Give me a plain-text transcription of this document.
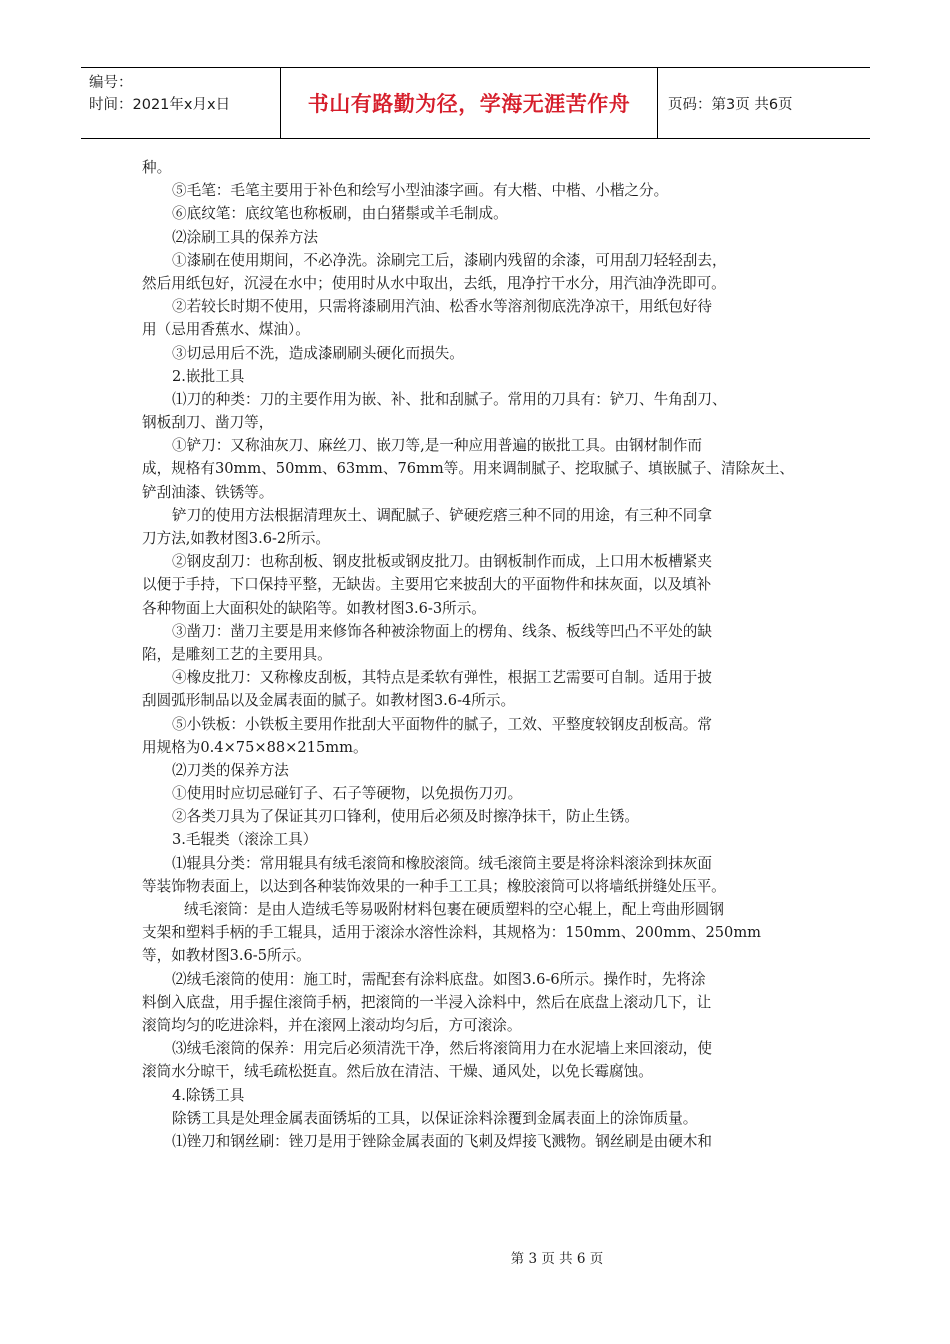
编号：
时间：2021年x月x日	书山有路勤为径，学海无涯苦作舟	页码：第3页 共6页
种。
⑤毛笔：毛笔主要用于补色和绘写小型油漆字画。有大楷、中楷、小楷之分。
⑥底纹笔：底纹笔也称板刷，由白猪鬃或羊毛制成。
⑵涂刷工具的保养方法
①漆刷在使用期间，不必净洗。涂刷完工后，漆刷内残留的余漆，可用刮刀轻轻刮去，
然后用纸包好，沉浸在水中；使用时从水中取出，去纸，甩净拧干水分，用汽油净洗即可。
②若较长时期不使用，只需将漆刷用汽油、松香水等溶剂彻底洗净凉干，用纸包好待
用（忌用香蕉水、煤油）。
③切忌用后不洗，造成漆刷刷头硬化而损失。
2.嵌批工具
⑴刀的种类：刀的主要作用为嵌、补、批和刮腻子。常用的刀具有：铲刀、牛角刮刀、
钢板刮刀、凿刀等，
①铲刀：又称油灰刀、麻丝刀、嵌刀等,是一种应用普遍的嵌批工具。由钢材制作而
成，规格有30mm、50mm、63mm、76mm等。用来调制腻子、挖取腻子、填嵌腻子、清除灰土、
铲刮油漆、铁锈等。
铲刀的使用方法根据清理灰土、调配腻子、铲硬疙瘩三种不同的用途，有三种不同拿
刀方法,如教材图3.6-2所示。
②钢皮刮刀：也称刮板、钢皮批板或钢皮批刀。由钢板制作而成，上口用木板槽紧夹
以便于手持，下口保持平整，无缺齿。主要用它来披刮大的平面物件和抹灰面，以及填补
各种物面上大面积处的缺陷等。如教材图3.6-3所示。
③凿刀：凿刀主要是用来修饰各种被涂物面上的楞角、线条、板线等凹凸不平处的缺
陷，是雕刻工艺的主要用具。
④橡皮批刀：又称橡皮刮板，其特点是柔软有弹性，根据工艺需要可自制。适用于披
刮圆弧形制品以及金属表面的腻子。如教材图3.6-4所示。
⑤小铁板：小铁板主要用作批刮大平面物件的腻子，工效、平整度较钢皮刮板高。常
用规格为0.4×75×88×215mm。
⑵刀类的保养方法
①使用时应切忌碰钉子、石子等硬物，以免损伤刀刃。
②各类刀具为了保证其刃口锋利，使用后必须及时擦净抹干，防止生锈。
3.毛辊类（滚涂工具）
⑴辊具分类：常用辊具有绒毛滚筒和橡胶滚筒。绒毛滚筒主要是将涂料滚涂到抹灰面
等装饰物表面上，以达到各种装饰效果的一种手工工具；橡胶滚筒可以将墙纸拼缝处压平。
绒毛滚筒：是由人造绒毛等易吸附材料包裹在硬质塑料的空心辊上，配上弯曲形圆钢
支架和塑料手柄的手工辊具，适用于滚涂水溶性涂料，其规格为：150mm、200mm、250mm
等，如教材图3.6-5所示。
⑵绒毛滚筒的使用：施工时，需配套有涂料底盘。如图3.6-6所示。操作时，先将涂
料倒入底盘，用手握住滚筒手柄，把滚筒的一半浸入涂料中，然后在底盘上滚动几下，让
滚筒均匀的吃进涂料，并在滚网上滚动均匀后，方可滚涂。
⑶绒毛滚筒的保养：用完后必须清洗干净，然后将滚筒用力在水泥墙上来回滚动，使
滚筒水分晾干，绒毛疏松挺直。然后放在清洁、干燥、通风处，以免长霉腐蚀。
4.除锈工具
除锈工具是处理金属表面锈垢的工具，以保证涂料涂覆到金属表面上的涂饰质量。
⑴锉刀和钢丝刷：锉刀是用于锉除金属表面的飞刺及焊接飞溅物。钢丝刷是由硬木和
第 3 页 共 6 页
